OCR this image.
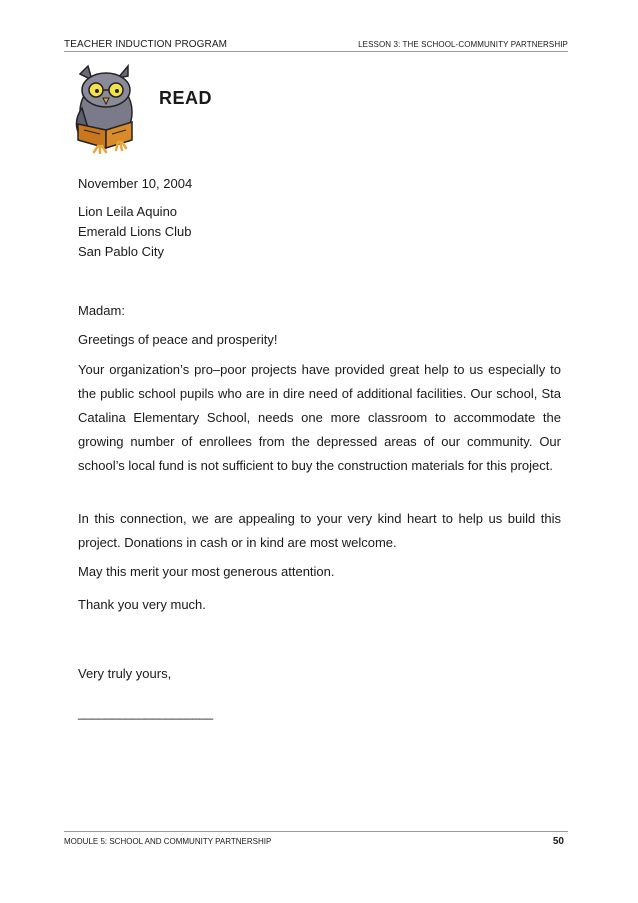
TEACHER INDUCTION PROGRAM	LESSON 3: THE SCHOOL-COMMUNITY PARTNERSHIP
READ
November 10, 2004
Lion Leila Aquino
Emerald Lions Club
San Pablo City
Madam:
Greetings of peace and prosperity!

Your organization’s pro–poor projects have provided great help to us especially to the public school pupils who are in dire need of additional facilities. Our school, Sta Catalina Elementary School, needs one more classroom to accommodate the growing number of enrollees from the depressed areas of our community. Our school’s local fund is not sufficient to buy the construction materials for this project.

In this connection, we are appealing to your very kind heart to help us build this project. Donations in cash or in kind are most welcome.

May this merit your most generous attention.
Thank you very much.
Very truly yours,
____________________
MODULE 5: SCHOOL AND COMMUNITY PARTNERSHIP	50
